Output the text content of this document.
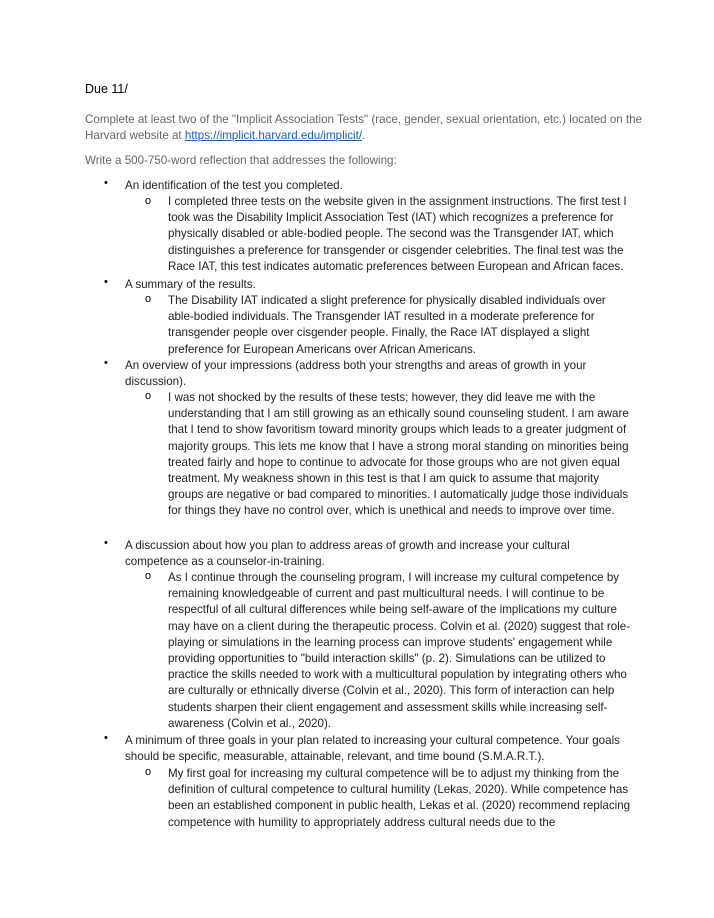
Due 11/
Complete at least two of the "Implicit Association Tests" (race, gender, sexual orientation, etc.) located on the Harvard website at https://implicit.harvard.edu/implicit/.
Write a 500-750-word reflection that addresses the following:
• An identification of the test you completed.
o I completed three tests on the website given in the assignment instructions. The first test I took was the Disability Implicit Association Test (IAT) which recognizes a preference for physically disabled or able-bodied people. The second was the Transgender IAT, which distinguishes a preference for transgender or cisgender celebrities. The final test was the Race IAT, this test indicates automatic preferences between European and African faces.
• A summary of the results.
o The Disability IAT indicated a slight preference for physically disabled individuals over able-bodied individuals. The Transgender IAT resulted in a moderate preference for transgender people over cisgender people. Finally, the Race IAT displayed a slight preference for European Americans over African Americans.
• An overview of your impressions (address both your strengths and areas of growth in your discussion).
o I was not shocked by the results of these tests; however, they did leave me with the understanding that I am still growing as an ethically sound counseling student. I am aware that I tend to show favoritism toward minority groups which leads to a greater judgment of majority groups. This lets me know that I have a strong moral standing on minorities being treated fairly and hope to continue to advocate for those groups who are not given equal treatment. My weakness shown in this test is that I am quick to assume that majority groups are negative or bad compared to minorities. I automatically judge those individuals for things they have no control over, which is unethical and needs to improve over time.
• A discussion about how you plan to address areas of growth and increase your cultural competence as a counselor-in-training.
o As I continue through the counseling program, I will increase my cultural competence by remaining knowledgeable of current and past multicultural needs. I will continue to be respectful of all cultural differences while being self-aware of the implications my culture may have on a client during the therapeutic process. Colvin et al. (2020) suggest that role-playing or simulations in the learning process can improve students' engagement while providing opportunities to "build interaction skills" (p. 2). Simulations can be utilized to practice the skills needed to work with a multicultural population by integrating others who are culturally or ethnically diverse (Colvin et al., 2020). This form of interaction can help students sharpen their client engagement and assessment skills while increasing self-awareness (Colvin et al., 2020).
• A minimum of three goals in your plan related to increasing your cultural competence. Your goals should be specific, measurable, attainable, relevant, and time bound (S.M.A.R.T.).
o My first goal for increasing my cultural competence will be to adjust my thinking from the definition of cultural competence to cultural humility (Lekas, 2020). While competence has been an established component in public health, Lekas et al. (2020) recommend replacing competence with humility to appropriately address cultural needs due to the
